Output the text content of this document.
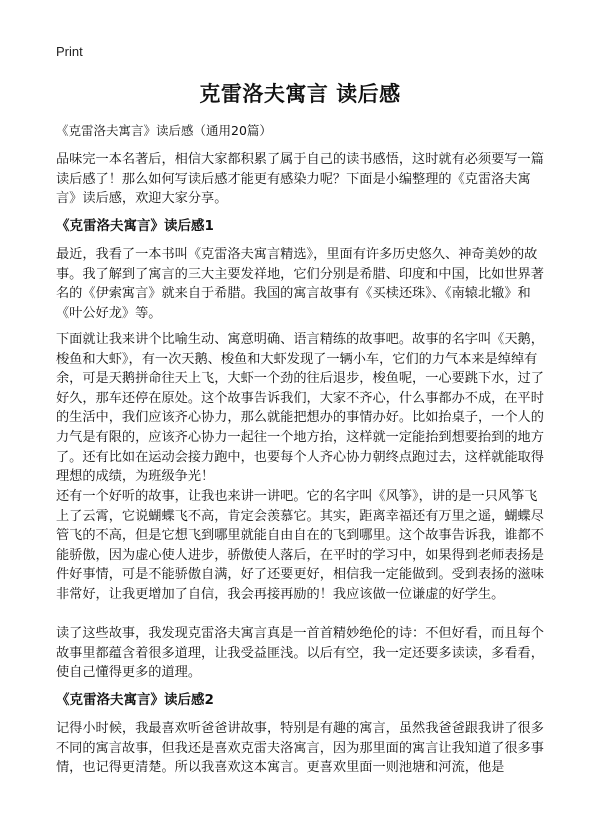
Print
克雷洛夫寓言 读后感
《克雷洛夫寓言》读后感（通用20篇）
品味完一本名著后，相信大家都积累了属于自己的读书感悟，这时就有必须要写一篇读后感了！那么如何写读后感才能更有感染力呢？下面是小编整理的《克雷洛夫寓言》读后感，欢迎大家分享。
《克雷洛夫寓言》读后感1
最近，我看了一本书叫《克雷洛夫寓言精选》，里面有许多历史悠久、神奇美妙的故事。我了解到了寓言的三大主要发祥地，它们分别是希腊、印度和中国，比如世界著名的《伊索寓言》就来自于希腊。我国的寓言故事有《买椟还珠》、《南辕北辙》和《叶公好龙》等。
下面就让我来讲个比喻生动、寓意明确、语言精练的故事吧。故事的名字叫《天鹅，梭鱼和大虾》，有一次天鹅、梭鱼和大虾发现了一辆小车，它们的力气本来是绰绰有余，可是天鹅拼命往天上飞，大虾一个劲的往后退步，梭鱼呢，一心要跳下水，过了好久，那车还停在原处。这个故事告诉我们，大家不齐心，什么事都办不成，在平时的生活中，我们应该齐心协力，那么就能把想办的事情办好。比如抬桌子，一个人的力气是有限的，应该齐心协力一起往一个地方抬，这样就一定能抬到想要抬到的地方了。还有比如在运动会接力跑中，也要每个人齐心协力朝终点跑过去，这样就能取得理想的成绩，为班级争光！
还有一个好听的故事，让我也来讲一讲吧。它的名字叫《风筝》，讲的是一只风筝飞上了云霄，它说蝴蝶飞不高，肯定会羡慕它。其实，距离幸福还有万里之遥，蝴蝶尽管飞的不高，但是它想飞到哪里就能自由自在的飞到哪里。这个故事告诉我，谁都不能骄傲，因为虚心使人进步，骄傲使人落后，在平时的学习中，如果得到老师表扬是件好事情，可是不能骄傲自满，好了还要更好，相信我一定能做到。受到表扬的滋味非常好，让我更增加了自信，我会再接再励的！我应该做一位谦虚的好学生。
读了这些故事，我发现克雷洛夫寓言真是一首首精妙绝伦的诗：不但好看，而且每个故事里都蕴含着很多道理，让我受益匪浅。以后有空，我一定还要多读读，多看看，使自己懂得更多的道理。
《克雷洛夫寓言》读后感2
记得小时候，我最喜欢听爸爸讲故事，特别是有趣的寓言，虽然我爸爸跟我讲了很多不同的寓言故事，但我还是喜欢克雷夫洛寓言，因为那里面的寓言让我知道了很多事情，也记得更清楚。所以我喜欢这本寓言。更喜欢里面一则池塘和河流，他是
